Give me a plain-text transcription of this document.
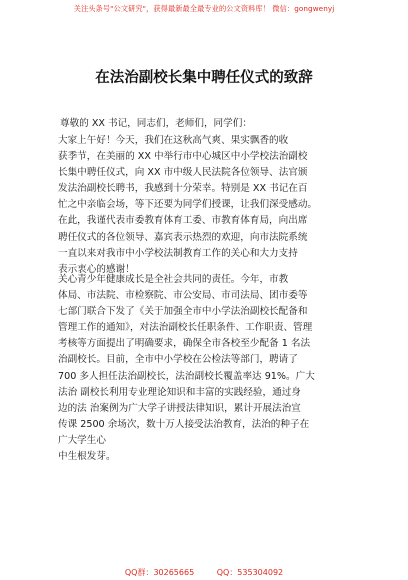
关注头条号"公文研究"，获得最新最全最专业的公文资料库！ 微信：gongwenyj
在法治副校长集中聘任仪式的致辞
尊敬的 XX 书记，同志们，老师们，同学们：
大家上午好！今天，我们在这秋高气爽、果实飘香的收
获季节，在美丽的 XX 中举行市中心城区中小学校法治副校
长集中聘任仪式，向 XX 市中级人民法院各位领导、法官颁
发法治副校长聘书，我感到十分荣幸。特别是 XX 书记在百
忙之中亲临会场，等下还要为同学们授课，让我们深受感动。
在此，我谨代表市委教育体育工委、市教育体育局，向出席
聘任仪式的各位领导、嘉宾表示热烈的欢迎，向市法院系统
一直以来对我市中小学校法制教育工作的关心和大力支持
表示衷心的感谢！
关心青少年健康成长是全社会共同的责任。今年，市教
体局、市法院、市检察院、市公安局、市司法局、团市委等
七部门联合下发了《关于加强全市中小学法治副校长配备和
管理工作的通知》，对法治副校长任职条件、工作职责、管理
考核等方面提出了明确要求，确保全市各校至少配备 1 名法
治副校长。目前，全市中小学校在公检法等部门，聘请了
700 多人担任法治副校长，法治副校长覆盖率达 91%。广大
法治 副校长利用专业理论知识和丰富的实践经验，通过身
边的法 治案例为广大学子讲授法律知识，累计开展法治宣
传课 2500 余场次，数十万人接受法治教育，法治的种子在
广大学生心
中生根发芽。
QQ群：30265665	QQ：535304092
